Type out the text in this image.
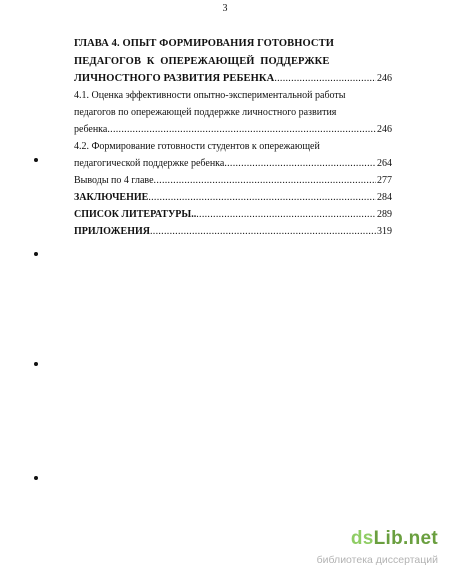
3
ГЛАВА 4. ОПЫТ ФОРМИРОВАНИЯ ГОТОВНОСТИ
ПЕДАГОГОВ К ОПЕРЕЖАЮЩЕЙ ПОДДЕРЖКЕ
ЛИЧНОСТНОГО РАЗВИТИЯ РЕБЕНКА .....	246
4.1. Оценка эффективности опытно-экспериментальной работы
педагогов по опережающей поддержке личностного развития
ребенка .....	246
4.2. Формирование готовности студентов к опережающей
педагогической поддержке ребенка .....	264
Выводы по 4 главе .....	277
ЗАКЛЮЧЕНИЕ .....	284
СПИСОК ЛИТЕРАТУРЫ.. .....	289
ПРИЛОЖЕНИЯ .....	319
dsLib.net
библиотека диссертаций
